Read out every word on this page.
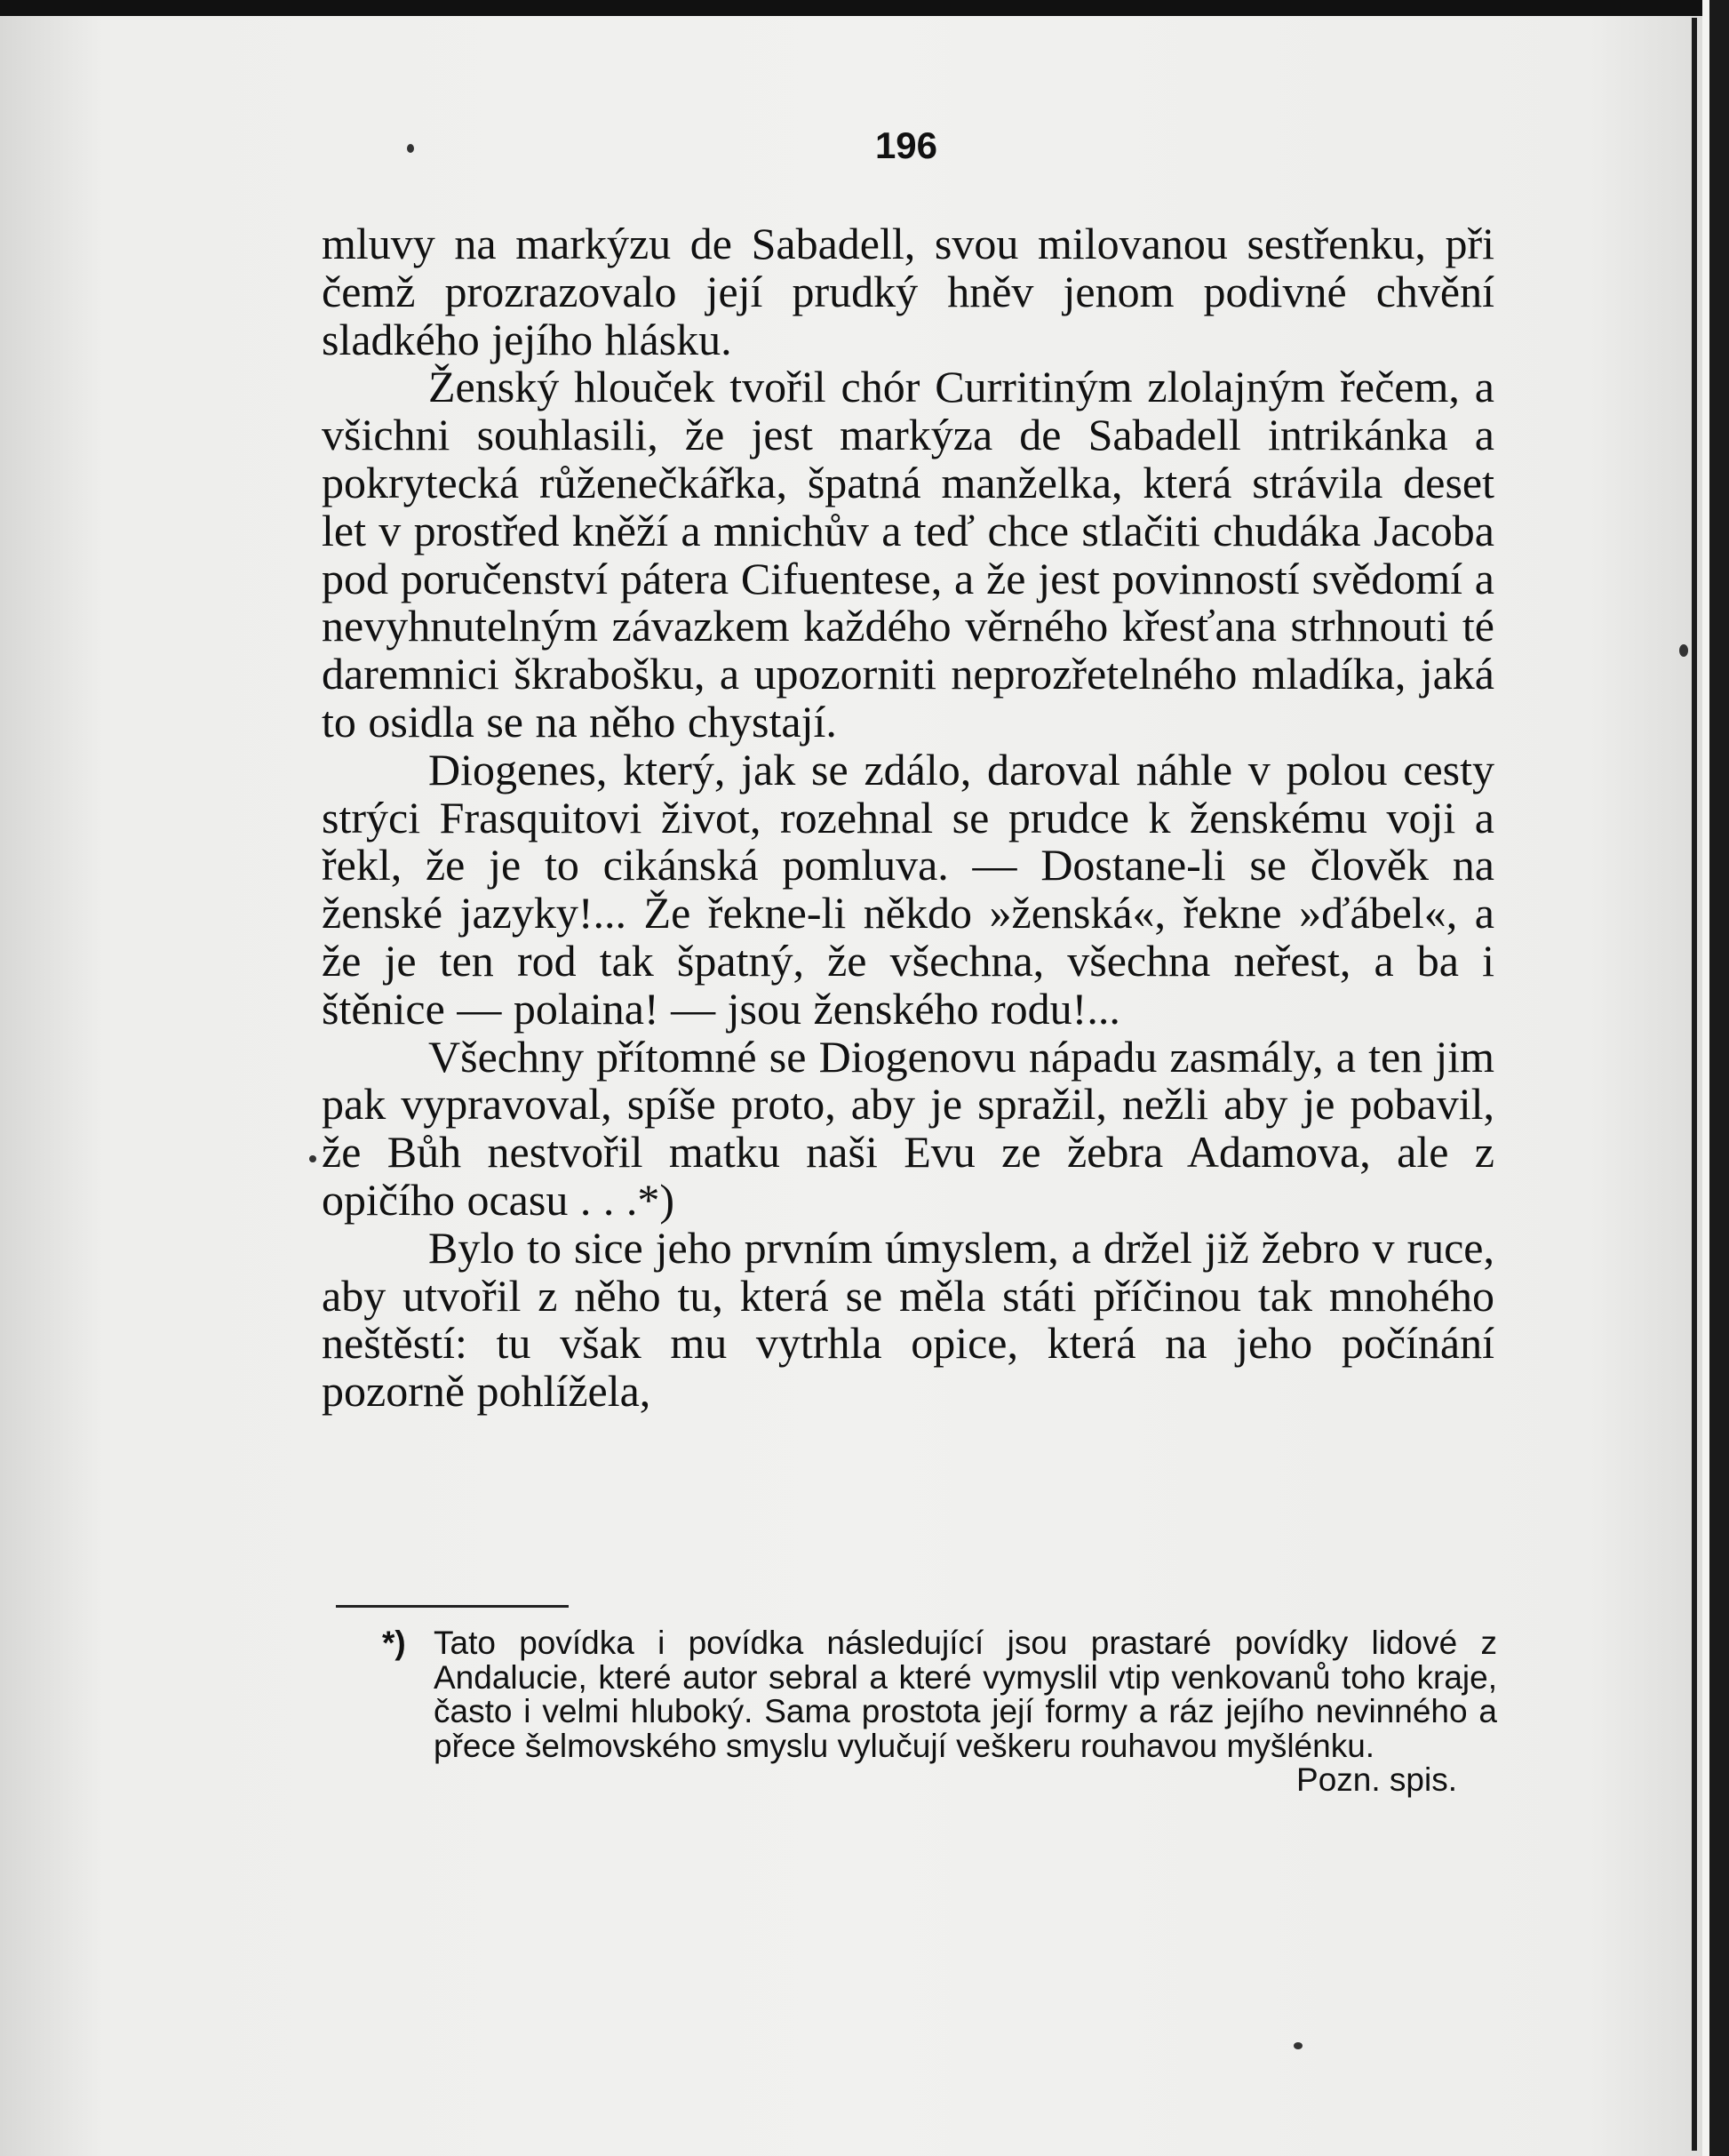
196

mluvy na markýzu de Sabadell, svou milovanou sestřenku, při čemž prozrazovalo její prudký hněv jenom podivné chvění sladkého jejího hlásku.

Ženský hlouček tvořil chór Curritiným zlolajným řečem, a všichni souhlasili, že jest markýza de Sabadell intrikánka a pokrytecká růženečkářka, špatná manželka, která strávila deset let v prostřed kněží a mnichův a teď chce stlačiti chudáka Jacoba pod poručenství pátera Cifuentese, a že jest povinností svědomí a nevyhnutelným závazkem každého věrného křesťana strhnouti té daremnici škrabošku, a upozorniti neprozřetelného mladíka, jaká to osidla se na něho chystají.

Diogenes, který, jak se zdálo, daroval náhle v polou cesty strýci Frasquitovi život, rozehnal se prudce k ženskému voji a řekl, že je to cikánská pomluva. — Dostane-li se člověk na ženské jazyky!... Že řekne-li někdo »ženská«, řekne »ďábel«, a že je ten rod tak špatný, že všechna, všechna neřest, a ba i štěnice — polaina! — jsou ženského rodu!...

Všechny přítomné se Diogenovu nápadu zasmály, a ten jim pak vypravoval, spíše proto, aby je spražil, nežli aby je pobavil, že Bůh nestvořil matku naši Evu ze žebra Adamova, ale z opičího ocasu . . .*)

Bylo to sice jeho prvním úmyslem, a držel již žebro v ruce, aby utvořil z něho tu, která se měla státi příčinou tak mnohého neštěstí: tu však mu vytrhla opice, která na jeho počínání pozorně pohlížela,

*) Tato povídka i povídka následující jsou prastaré povídky lidové z Andalucie, které autor sebral a které vymyslil vtip venkovanů toho kraje, často i velmi hluboký. Sama prostota její formy a ráz jejího nevinného a přece šelmovského smyslu vylučují veškeru rouhavou myšlénku.

Pozn. spis.
